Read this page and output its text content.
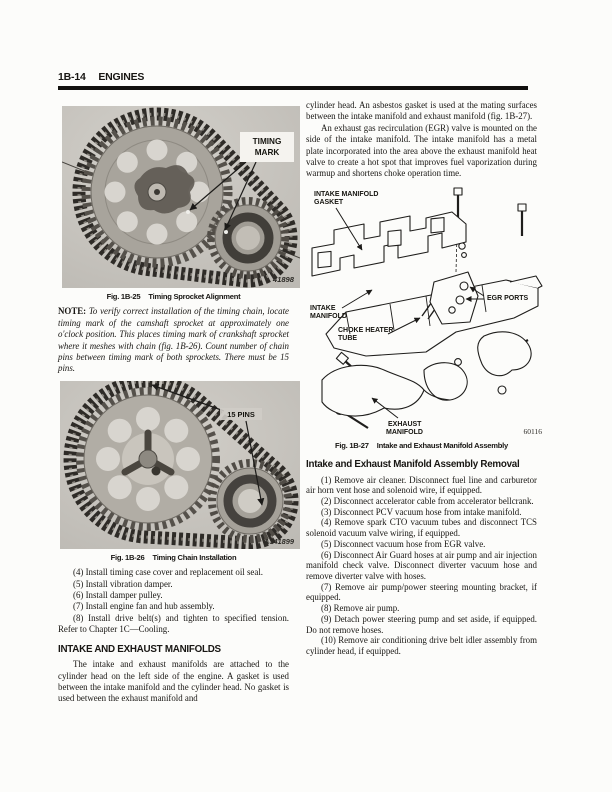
1B-14 ENGINES
TIMING
MARK
41898
Fig. 1B-25 Timing Sprocket Alignment

NOTE: To verify correct installation of the timing chain, locate timing mark of the camshaft sprocket at approximately one o'clock position. This places timing mark of crankshaft sprocket where it meshes with chain (fig. 1B-26). Count number of chain pins between timing mark of both sprockets. There must be 15 pins.

15 PINS
AJ41899
Fig. 1B-26 Timing Chain Installation

(4) Install timing case cover and replacement oil seal.

(5) Install vibration damper.

(6) Install damper pulley.

(7) Install engine fan and hub assembly.

(8) Install drive belt(s) and tighten to specified tension. Refer to Chapter 1C—Cooling.

INTAKE AND EXHAUST MANIFOLDS

The intake and exhaust manifolds are attached to the cylinder head on the left side of the engine. A gasket is used between the intake manifold and the cylinder head. No gasket is used between the exhaust manifold and

cylinder head. An asbestos gasket is used at the mating surfaces between the intake manifold and exhaust manifold (fig. 1B-27).

An exhaust gas recirculation (EGR) valve is mounted on the side of the intake manifold. The intake manifold has a metal plate incorporated into the area above the exhaust manifold heat valve to create a hot spot that improves fuel vaporization during warmup and shortens choke operation time.

INTAKE MANIFOLD
GASKET
INTAKE
MANIFOLD
CHOKE HEATER
TUBE
EXHAUST
MANIFOLD
EGR PORTS
60116
Fig. 1B-27 Intake and Exhaust Manifold Assembly
Intake and Exhaust Manifold Assembly Removal

(1) Remove air cleaner. Disconnect fuel line and carburetor air horn vent hose and solenoid wire, if equipped.

(2) Disconnect accelerator cable from accelerator bellcrank.

(3) Disconnect PCV vacuum hose from intake manifold.

(4) Remove spark CTO vacuum tubes and disconnect TCS solenoid vacuum valve wiring, if equipped.

(5) Disconnect vacuum hose from EGR valve.

(6) Disconnect Air Guard hoses at air pump and air injection manifold check valve. Disconnect diverter vacuum hose and remove diverter valve with hoses.

(7) Remove air pump/power steering mounting bracket, if equipped.

(8) Remove air pump.

(9) Detach power steering pump and set aside, if equipped. Do not remove hoses.

(10) Remove air conditioning drive belt idler assembly from cylinder head, if equipped.
